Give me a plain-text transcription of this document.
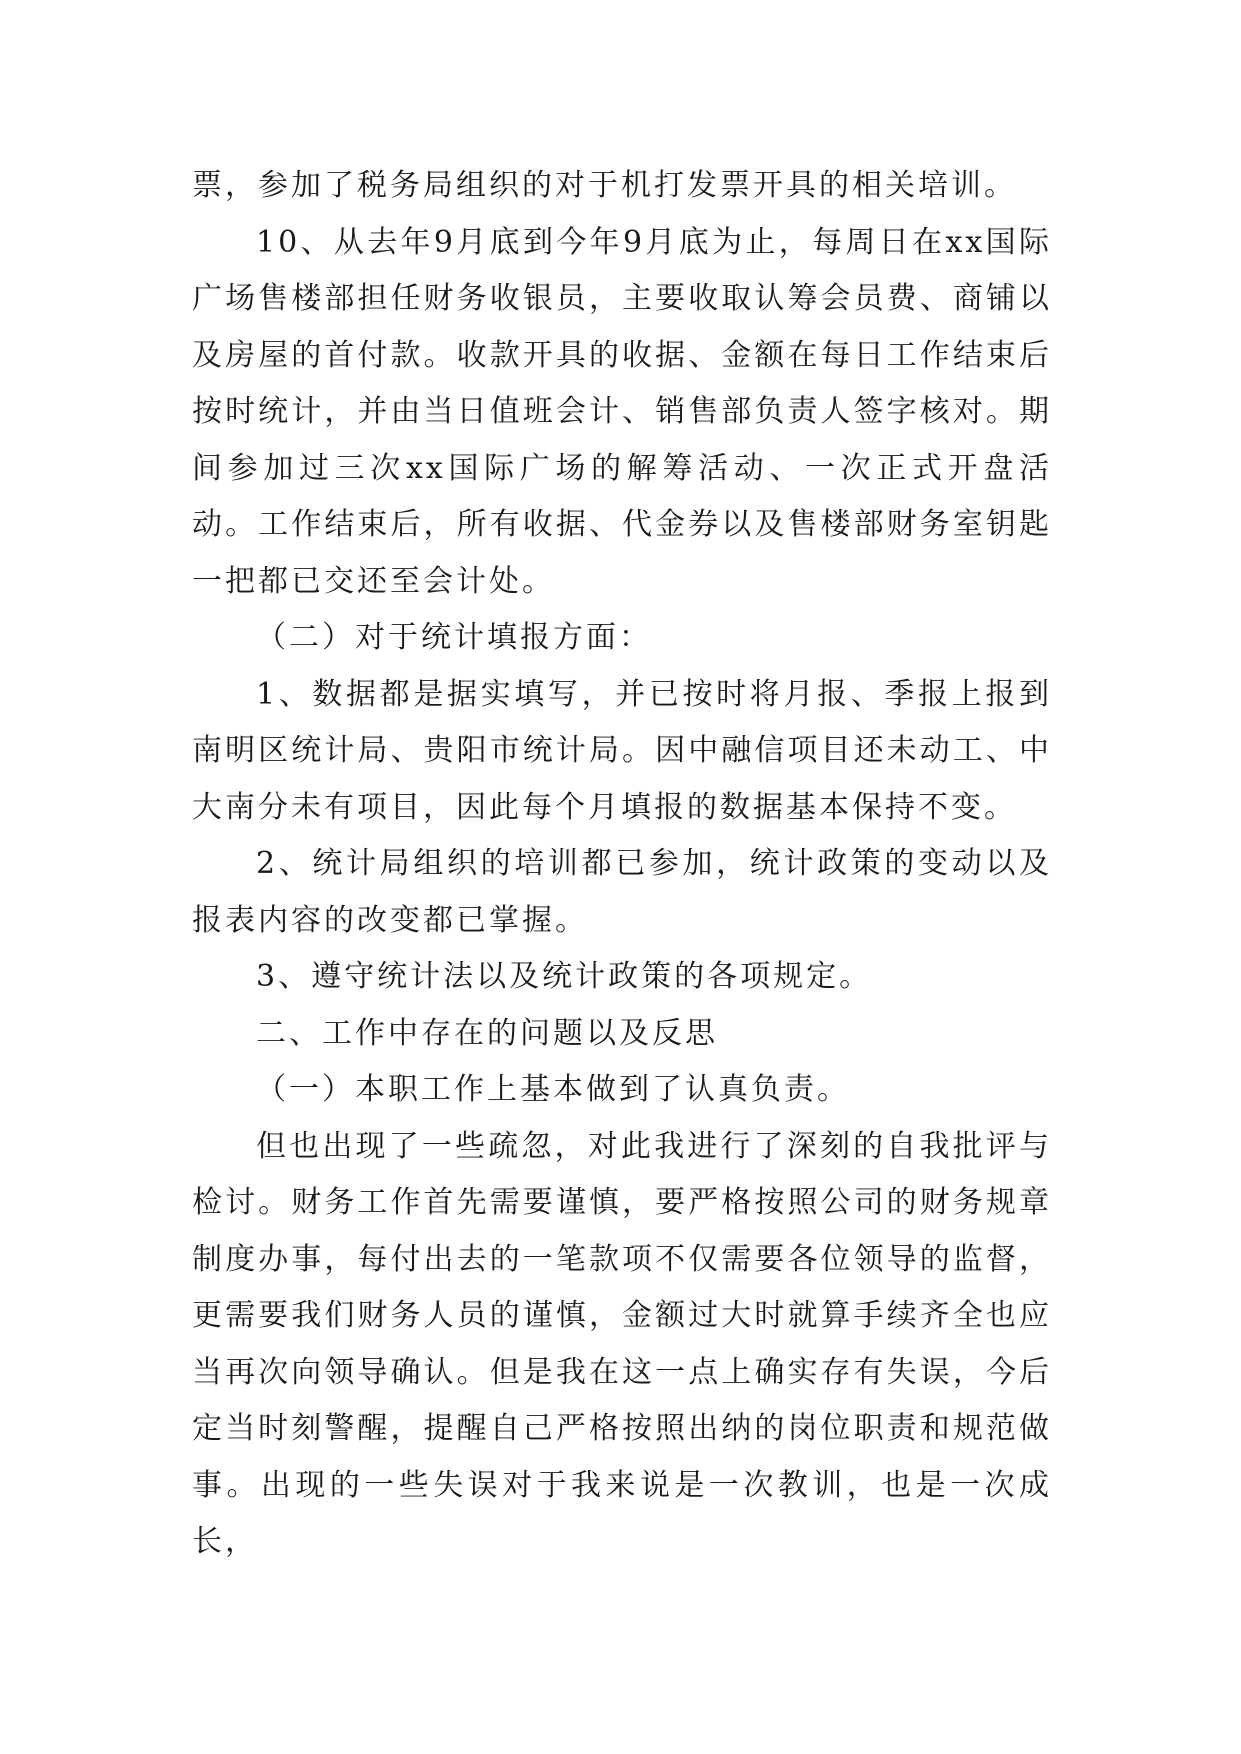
票，参加了税务局组织的对于机打发票开具的相关培训。

10、从去年9月底到今年9月底为止，每周日在xx国际广场售楼部担任财务收银员，主要收取认筹会员费、商铺以及房屋的首付款。收款开具的收据、金额在每日工作结束后按时统计，并由当日值班会计、销售部负责人签字核对。期间参加过三次xx国际广场的解筹活动、一次正式开盘活动。工作结束后，所有收据、代金券以及售楼部财务室钥匙一把都已交还至会计处。

（二）对于统计填报方面：

1、数据都是据实填写，并已按时将月报、季报上报到南明区统计局、贵阳市统计局。因中融信项目还未动工、中大南分未有项目，因此每个月填报的数据基本保持不变。

2、统计局组织的培训都已参加，统计政策的变动以及报表内容的改变都已掌握。

3、遵守统计法以及统计政策的各项规定。

二、工作中存在的问题以及反思

（一）本职工作上基本做到了认真负责。

但也出现了一些疏忽，对此我进行了深刻的自我批评与检讨。财务工作首先需要谨慎，要严格按照公司的财务规章制度办事，每付出去的一笔款项不仅需要各位领导的监督，更需要我们财务人员的谨慎，金额过大时就算手续齐全也应当再次向领导确认。但是我在这一点上确实存有失误，今后定当时刻警醒，提醒自己严格按照出纳的岗位职责和规范做事。出现的一些失误对于我来说是一次教训，也是一次成长，
